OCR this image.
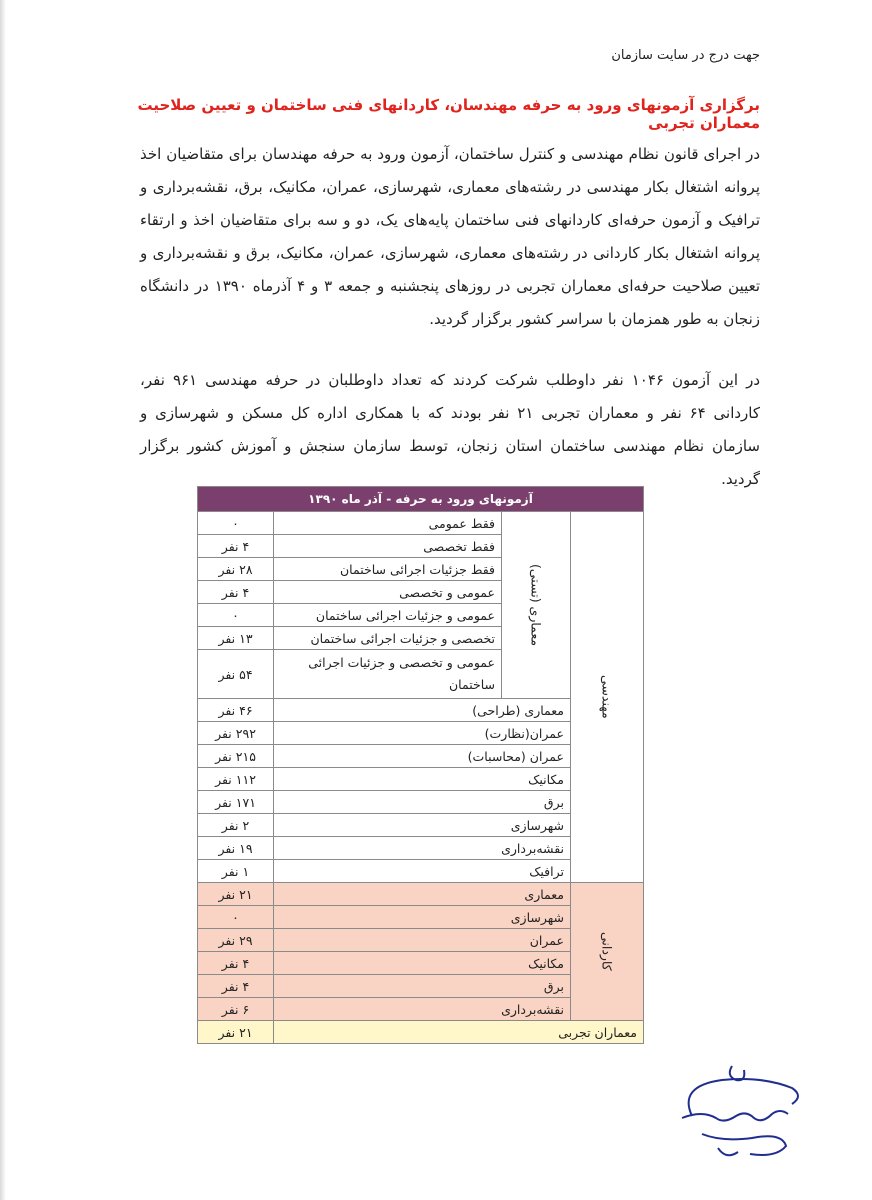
جهت درج در سایت سازمان
برگزاری آزمونهای ورود به حرفه مهندسان، کاردانهای فنی ساختمان و تعیین صلاحیت معماران تجربی
در اجرای قانون نظام مهندسی و کنترل ساختمان، آزمون ورود به حرفه مهندسان برای متقاضیان اخذ پروانه اشتغال بکار مهندسی در رشته‌های معماری، شهرسازی، عمران، مکانیک، برق، نقشه‌برداری و ترافیک و آزمون حرفه‌ای کاردانهای فنی ساختمان پایه‌های یک، دو و سه برای متقاضیان اخذ و ارتقاء پروانه اشتغال بکار کاردانی در رشته‌های معماری، شهرسازی، عمران، مکانیک، برق و نقشه‌برداری و تعیین صلاحیت حرفه‌ای معماران تجربی در روزهای پنجشنبه و جمعه ۳ و ۴ آذرماه ۱۳۹۰ در دانشگاه زنجان به طور همزمان با سراسر کشور برگزار گردید.
در این آزمون ۱۰۴۶ نفر داوطلب شرکت کردند که تعداد داوطلبان در حرفه مهندسی ۹۶۱ نفر، کاردانی ۶۴ نفر و معماران تجربی ۲۱ نفر بودند که با همکاری اداره کل مسکن و شهرسازی و سازمان نظام مهندسی ساختمان استان زنجان، توسط سازمان سنجش و آموزش کشور برگزار گردید.
آزمونهای ورود به حرفه - آذر ماه ۱۳۹۰			

مهندسی	معماری (تستی)	فقط عمومی	۰
		فقط تخصصی	۴ نفر
		فقط جزئیات اجرائی ساختمان	۲۸ نفر
		عمومی و تخصصی	۴ نفر
		عمومی و جزئیات اجرائی ساختمان	۰
		تخصصی و جزئیات اجرائی ساختمان	۱۳ نفر
		عمومی و تخصصی و جزئیات اجرائی ساختمان	۵۴ نفر
	معماری (طراحی)		۴۶ نفر
	عمران(نظارت)		۲۹۲ نفر
	عمران (محاسبات)		۲۱۵ نفر
	مکانیک		۱۱۲ نفر
	برق		۱۷۱ نفر
	شهرسازی		۲ نفر
	نقشه‌برداری		۱۹ نفر
	ترافیک		۱ نفر

کاردانی	معماری		۲۱ نفر
	شهرسازی		۰
	عمران		۲۹ نفر
	مکانیک		۴ نفر
	برق		۴ نفر
	نقشه‌برداری		۶ نفر
معماران تجربی			۲۱ نفر
